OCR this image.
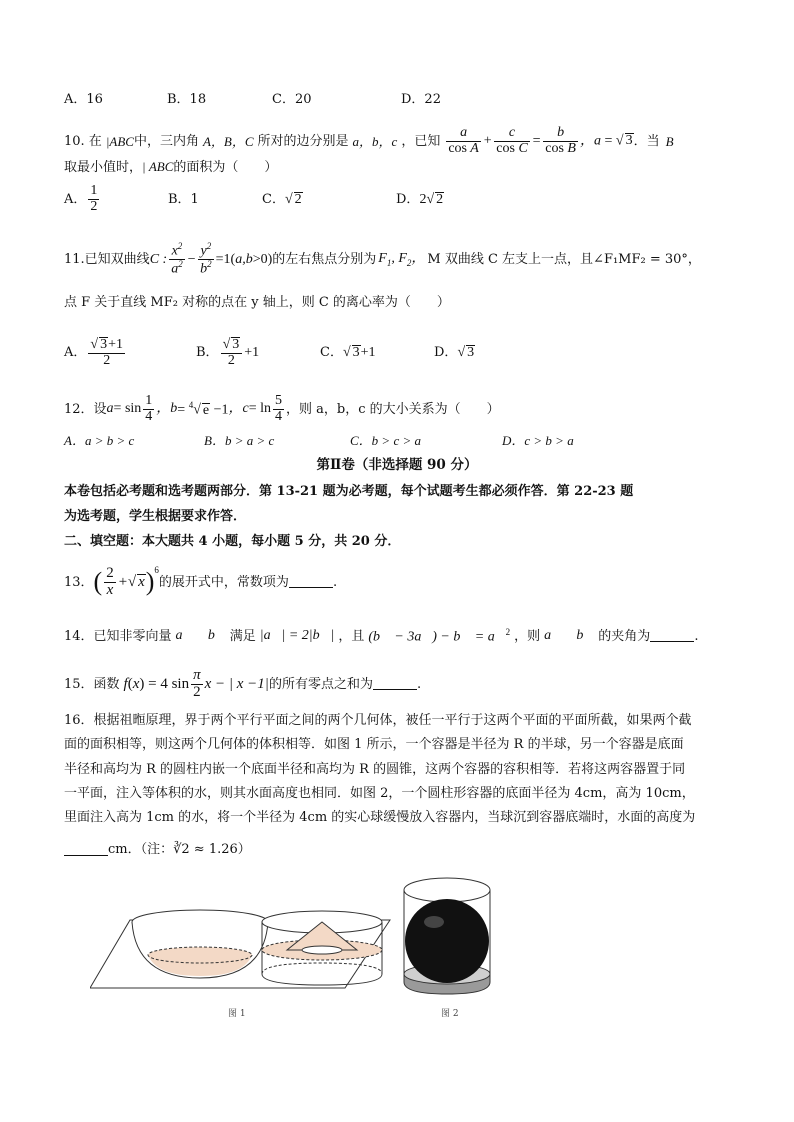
A．16	B．18	C．20	D．22
10. 在 |ABC 中，三内角 A，B，C 所对的边分别是 a，b，c ，已知 $\frac{a}{\text{cos A}} + \frac{c}{\text{cos C}} = \frac{b}{\text{cos B}}$ ，a = √ 3 ．当 B
取最小值时，| ABC的面积为（　　）
A． $\frac{1}{2}$	B．1	C．√ 2	D．2√ 2
11.已知双曲线 C : $\frac{x^2}{a^2} - \frac{y^2}{b^2} =1$( a,b >0) 的左右焦点分别为 $F_1$, $F_2$， M 双曲线 C 左支上一点，且∠F₁MF₂ = 30°，
点 F 关于直线 MF₂ 对称的点在 y 轴上，则 C 的离心率为（　　）
A． $\frac{√ 3+1}{2}$	B． $\frac{√ 3}{2} +1$	C．√ 3+1	D．√ 3
12．设 $a = \sin \frac{1}{4}$ ，b = $^4$√ e −1 ，$c = \ln \frac{5}{4}$ ，则 a，b，c 的大小关系为（　　）
A．a > b > c	B．b > a > c	C．b > c > a	D．c > b > a
第Ⅱ卷（非选择题 90 分）
本卷包括必考题和选考题两部分．第 13-21 题为必考题，每个试题考生都必须作答．第 22-23 题
为选考题，学生根据要求作答．
二、填空题：本大题共 4 小题，每小题 5 分，共 20 分．
13． ( $\frac{2}{x}$ + √ x )$^6$
的展开式中，常数项为	.
14．已知非零向量 a⃗ ，b⃗ 满足 |a⃗| = 2|b⃗| ，且 (b⃗ − 3a⃗) − b⃗ = a⃗$^2$ ，则 a⃗ ，b⃗ 的夹角为	.
15．函数 f ( x ) = 4 $\sin \frac{\pi}{2}$ x − | x −1| 的所有零点之和为	.
16．根据祖暅原理，界于两个平行平面之间的两个几何体，被任一平行于这两个平面的平面所截，如果两个截
面的面积相等，则这两个几何体的体积相等．如图 1 所示，一个容器是半径为 R 的半球，另一个容器是底面
半径和高均为 R 的圆柱内嵌一个底面半径和高均为 R 的圆锥，这两个容器的容积相等．若将这两容器置于同
一平面，注入等体积的水，则其水面高度也相同．如图 2，一个圆柱形容器的底面半径为 4cm，高为 10cm，
里面注入高为 1cm 的水，将一个半径为 4cm 的实心球缓慢放入容器内，当球沉到容器底端时，水面的高度为
cm．（注：∛2 ≈ 1.26）
图 1	图 2
